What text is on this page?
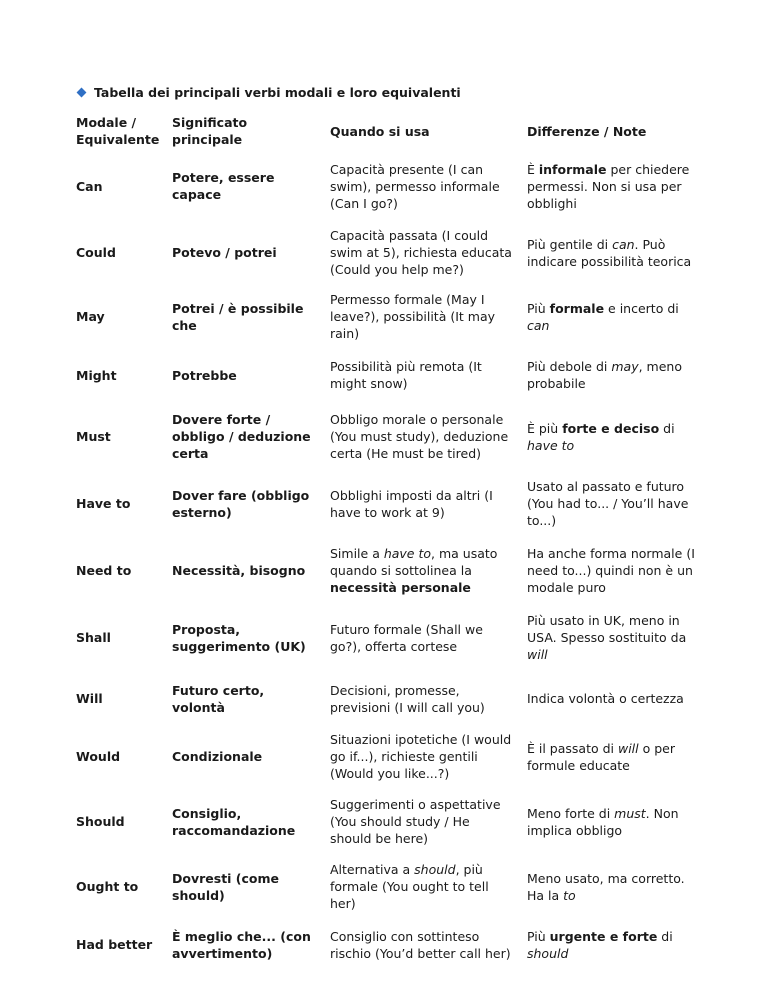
Tabella dei principali verbi modali e loro equivalenti
Modale / Equivalente	Significato principale	Quando si usa	Differenze / Note
Can	Potere, essere capace	Capacità presente (I can swim), permesso informale (Can I go?)	È informale per chiedere permessi. Non si usa per obblighi
Could	Potevo / potrei	Capacità passata (I could swim at 5), richiesta educata (Could you help me?)	Più gentile di can. Può indicare possibilità teorica
May	Potrei / è possibile che	Permesso formale (May I leave?), possibilità (It may rain)	Più formale e incerto di can
Might	Potrebbe	Possibilità più remota (It might snow)	Più debole di may, meno probabile
Must	Dovere forte / obbligo / deduzione certa	Obbligo morale o personale (You must study), deduzione certa (He must be tired)	È più forte e deciso di have to
Have to	Dover fare (obbligo esterno)	Obblighi imposti da altri (I have to work at 9)	Usato al passato e futuro (You had to... / You’ll have to...)
Need to	Necessità, bisogno	Simile a have to, ma usato quando si sottolinea la necessità personale	Ha anche forma normale (I need to...) quindi non è un modale puro
Shall	Proposta, suggerimento (UK)	Futuro formale (Shall we go?), offerta cortese	Più usato in UK, meno in USA. Spesso sostituito da will
Will	Futuro certo, volontà	Decisioni, promesse, previsioni (I will call you)	Indica volontà o certezza
Would	Condizionale	Situazioni ipotetiche (I would go if...), richieste gentili (Would you like...?)	È il passato di will o per formule educate
Should	Consiglio, raccomandazione	Suggerimenti o aspettative (You should study / He should be here)	Meno forte di must. Non implica obbligo
Ought to	Dovresti (come should)	Alternativa a should, più formale (You ought to tell her)	Meno usato, ma corretto. Ha la to
Had better	È meglio che... (con avvertimento)	Consiglio con sottinteso rischio (You’d better call her)	Più urgente e forte di should
